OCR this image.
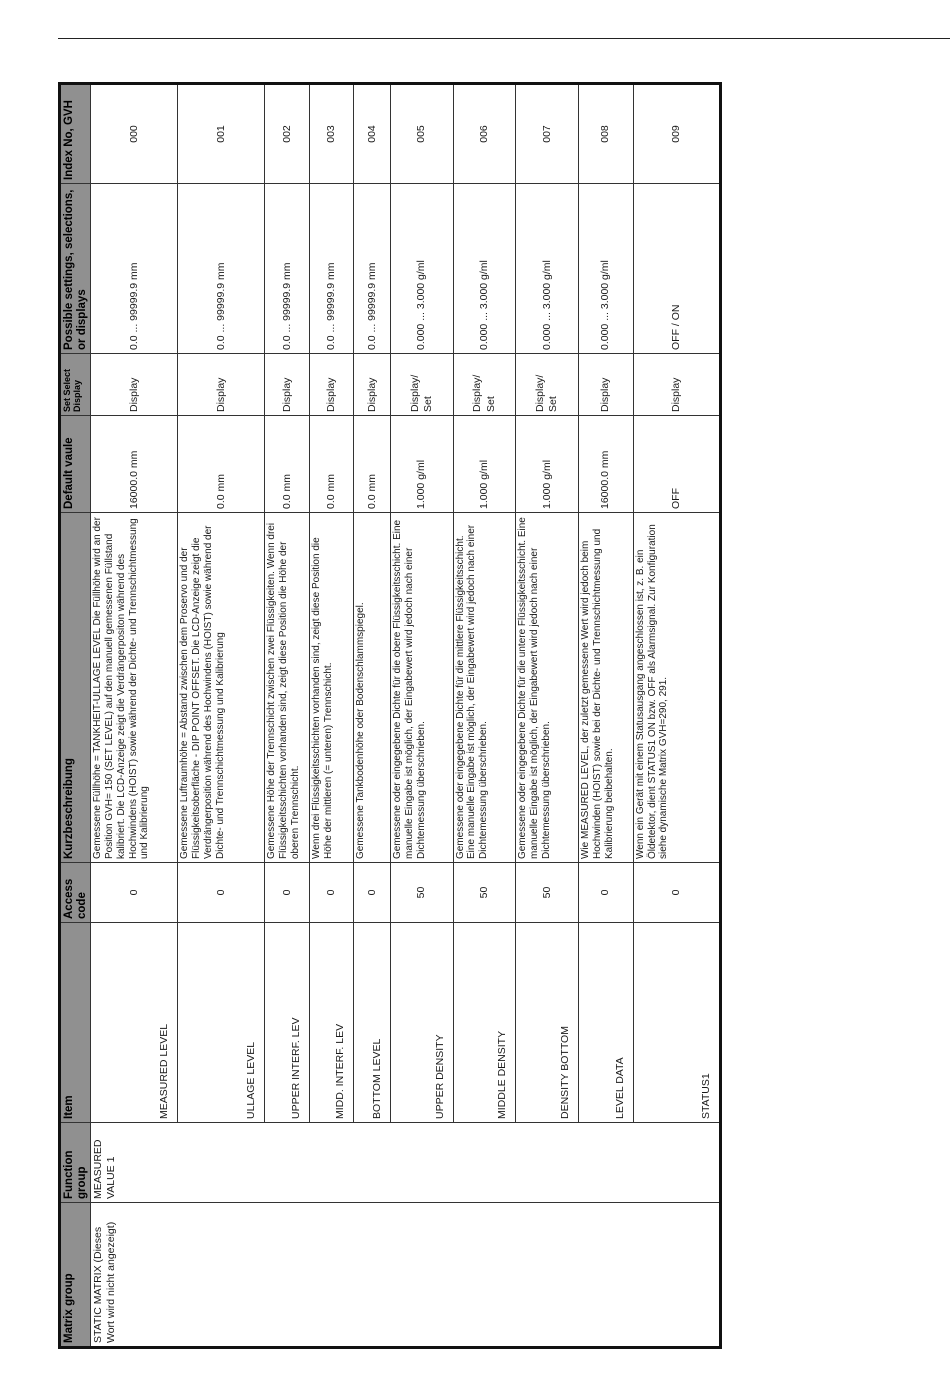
Matrix group	Function group	Item	Access code	Kurzbeschreibung	Default vaule	Set Select Display	Possible settings, selections, or displays	Index No, GVH
STATIC MATRIX (Dieses Wort wird nicht angezeigt)	MEASURED VALUE 1	MEASURED LEVEL	0	Gemessene Füllhöhe = TANKHEIT-ULLAGE LEVEL Die Füllhöhe wird an der Position GVH= 150 (SET LEVEL) auf den manuell gemessenen Füllstand kalibriert. Die LCD-Anzeige zeigt die Verdrängerpositon während des Hochwindens (HOIST) sowie während der Dichte- und Trennschichtmessung und Kalibrierung	16000.0 mm	Display	0.0 ... 99999.9 mm	000
		ULLAGE LEVEL	0	Gemessene Luftraumhöhe = Abstand zwischen dem Proservo und der Flüssigkeitsoberfläche - DIP POINT OFFSET. Die LCD-Anzeige zeigt die Verdrängerposition während des Hochwindens (HOIST) sowie während der Dichte- und Trennschichtmessung und Kalibrierung	0.0 mm	Display	0.0 ... 99999.9 mm	001
		UPPER INTERF. LEV	0	Gemessene Höhe der Trennschicht zwischen zwei Flüssigkeiten. Wenn drei Flüssigkeitsschichten vorhanden sind, zeigt diese Position die Höhe der oberen Trennschicht.	0.0 mm	Display	0.0 ... 99999.9 mm	002
		MIDD. INTERF. LEV	0	Wenn drei Flüssigkeitsschichten vorhanden sind, zeigt diese Position die Höhe der mittleren (= unteren) Trennschicht.	0.0 mm	Display	0.0 ... 99999.9 mm	003
		BOTTOM LEVEL	0	Gemessene Tankbodenhöhe oder Bodenschlammspiegel.	0.0 mm	Display	0.0 ... 99999.9 mm	004
		UPPER DENSITY	50	Gemessene oder eingegebene Dichte für die obere Flüssigkeitsschicht. Eine manuelle Eingabe ist möglich, der Eingabewert wird jedoch nach einer Dichtemessung überschrieben.	1.000 g/ml	Display/ Set	0.000 ... 3.000 g/ml	005
		MIDDLE DENSITY	50	Gemessene oder eingegebene Dichte für die mittlere Flüssigkeitsschicht. Eine manuelle Eingabe ist möglich, der Eingabewert wird jedoch nach einer Dichtemessung überschrieben.	1.000 g/ml	Display/ Set	0.000 ... 3.000 g/ml	006
		DENSITY BOTTOM	50	Gemessene oder eingegebene Dichte für die untere Flüssigkeitsschicht. Eine manuelle Eingabe ist möglich, der Eingabewert wird jedoch nach einer Dichtemessung überschrieben.	1.000 g/ml	Display/ Set	0.000 ... 3.000 g/ml	007
		LEVEL DATA	0	Wie MEASURED LEVEL, der zuletzt gemessene Wert wird jedoch beim Hochwinden (HOIST) sowie bei der Dichte- und Trennschichtmessung und Kalibrierung beibehalten.	16000.0 mm	Display	0.000 ... 3.000 g/ml	008
		STATUS1	0	Wenn ein Gerät mit einem Statusausgang angeschlossen ist, z. B. ein Öldetektor, dient STATUS1 ON bzw. OFF als Alarmsignal. Zur Konfiguration siehe dynamische Matrix GVH=290, 291.	OFF	Display	OFF / ON	009
